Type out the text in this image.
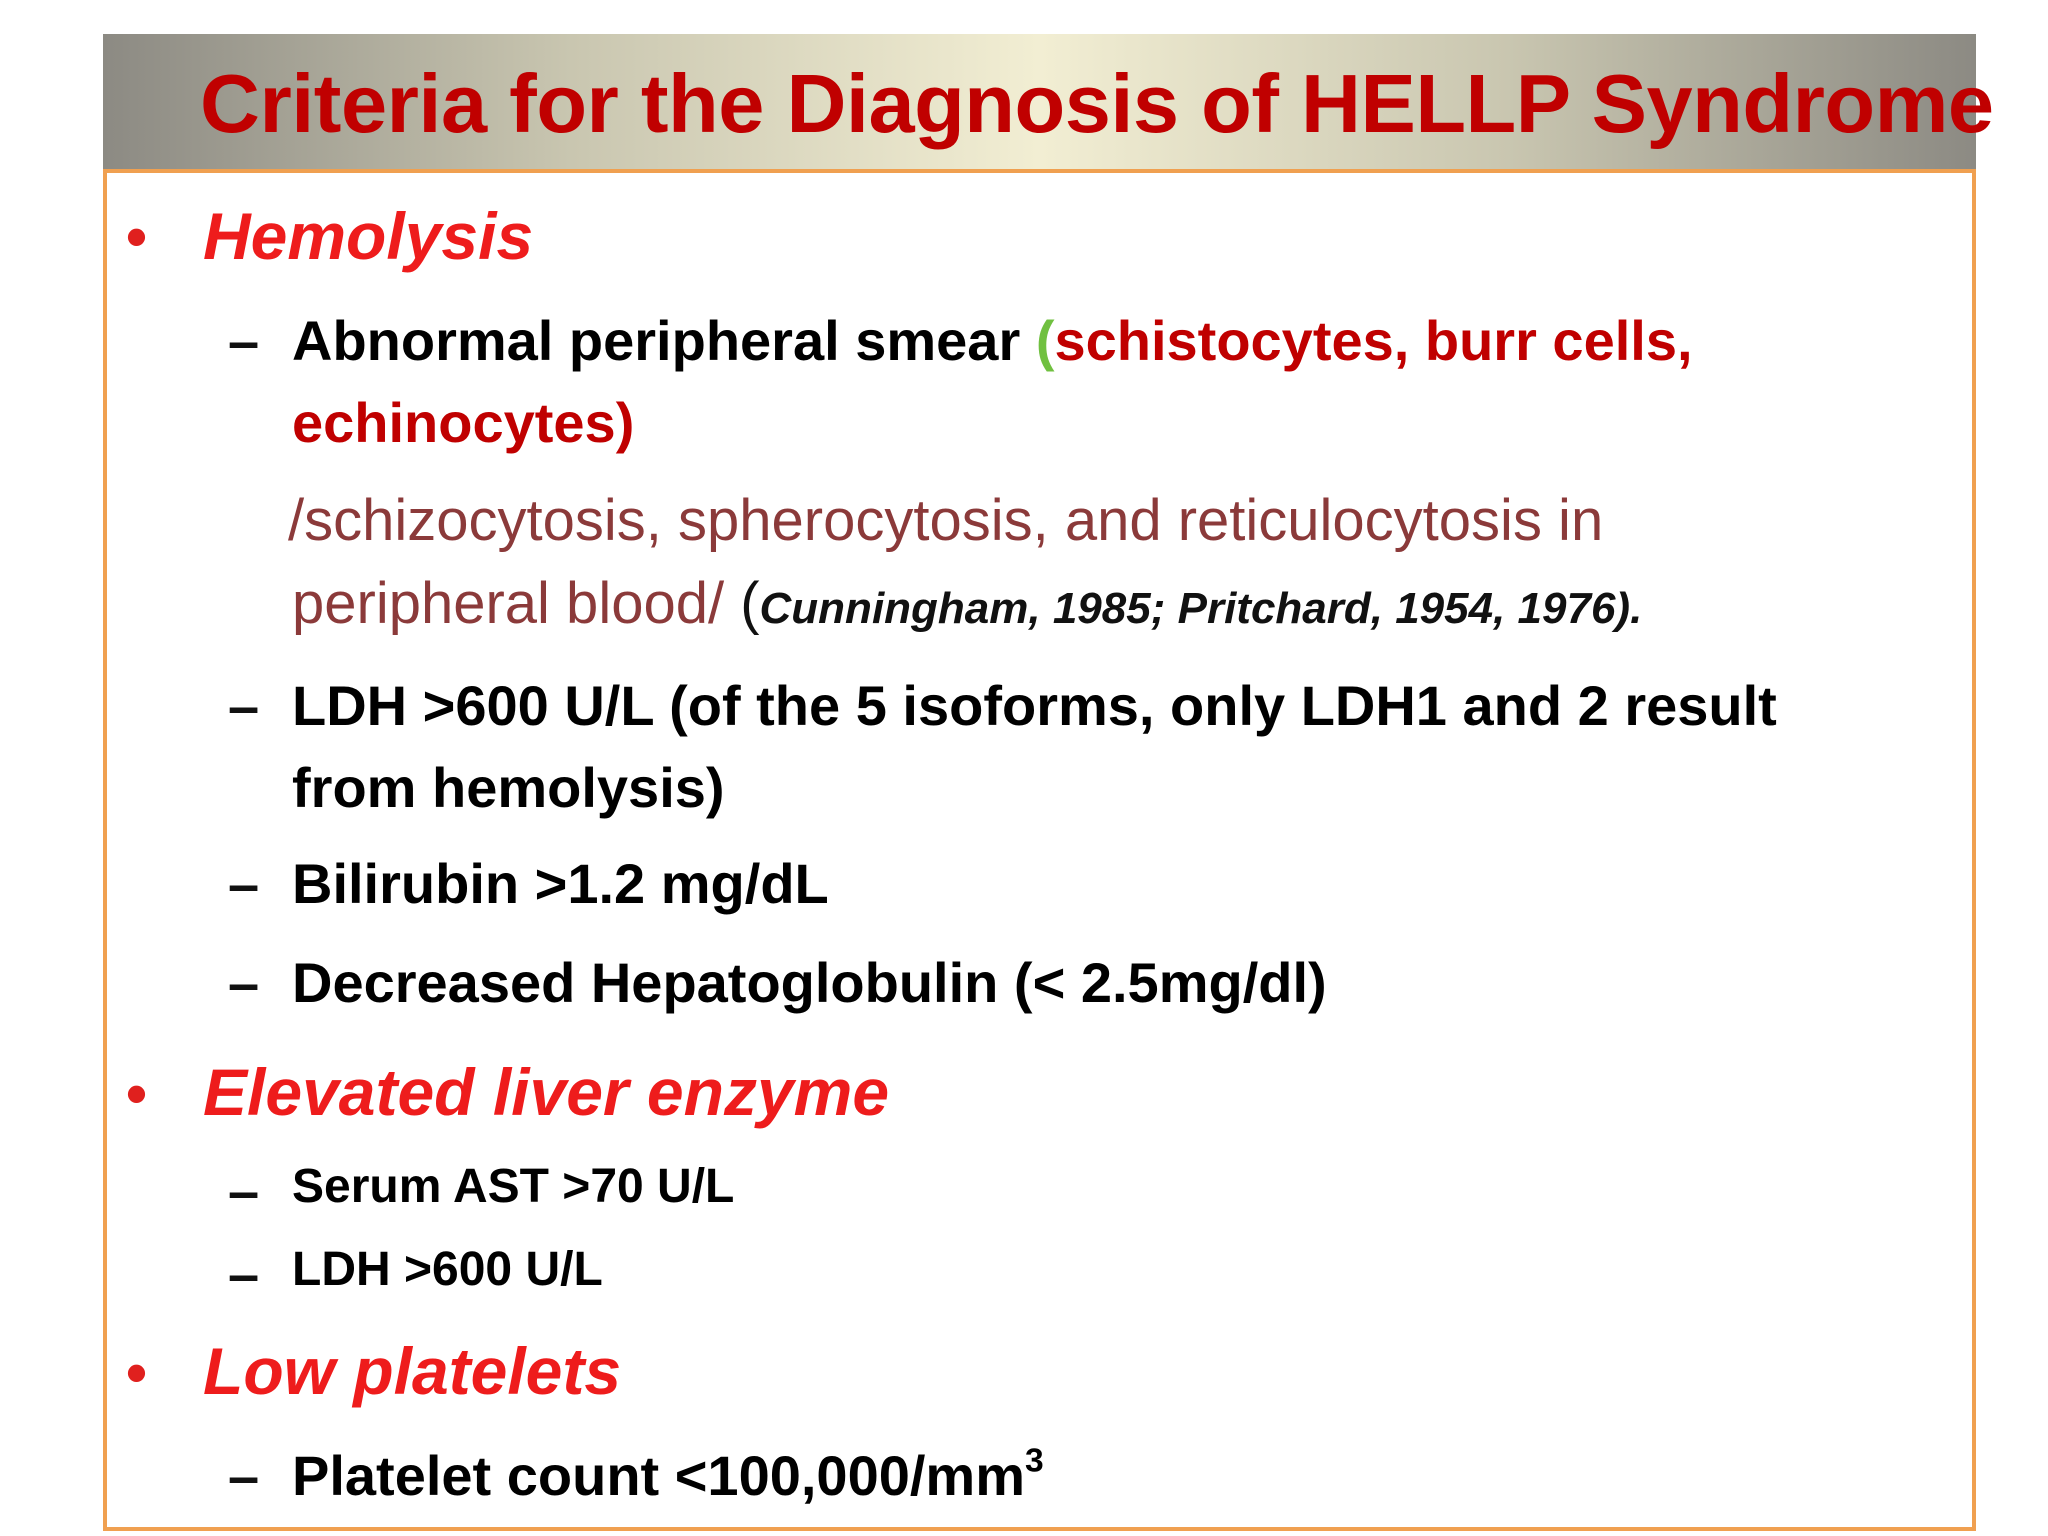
Criteria for the Diagnosis of HELLP Syndrome
• Hemolysis
– Abnormal peripheral smear (schistocytes, burr cells,
echinocytes)
/schizocytosis, spherocytosis, and reticulocytosis in
peripheral blood/ (Cunningham, 1985; Pritchard, 1954, 1976).
– LDH >600 U/L (of the 5 isoforms, only LDH1 and 2 result
from hemolysis)
– Bilirubin >1.2 mg/dL
– Decreased Hepatoglobulin (< 2.5mg/dl)
• Elevated liver enzyme
– Serum AST >70 U/L
– LDH >600 U/L
• Low platelets
– Platelet count $<100,000/mm^3$
